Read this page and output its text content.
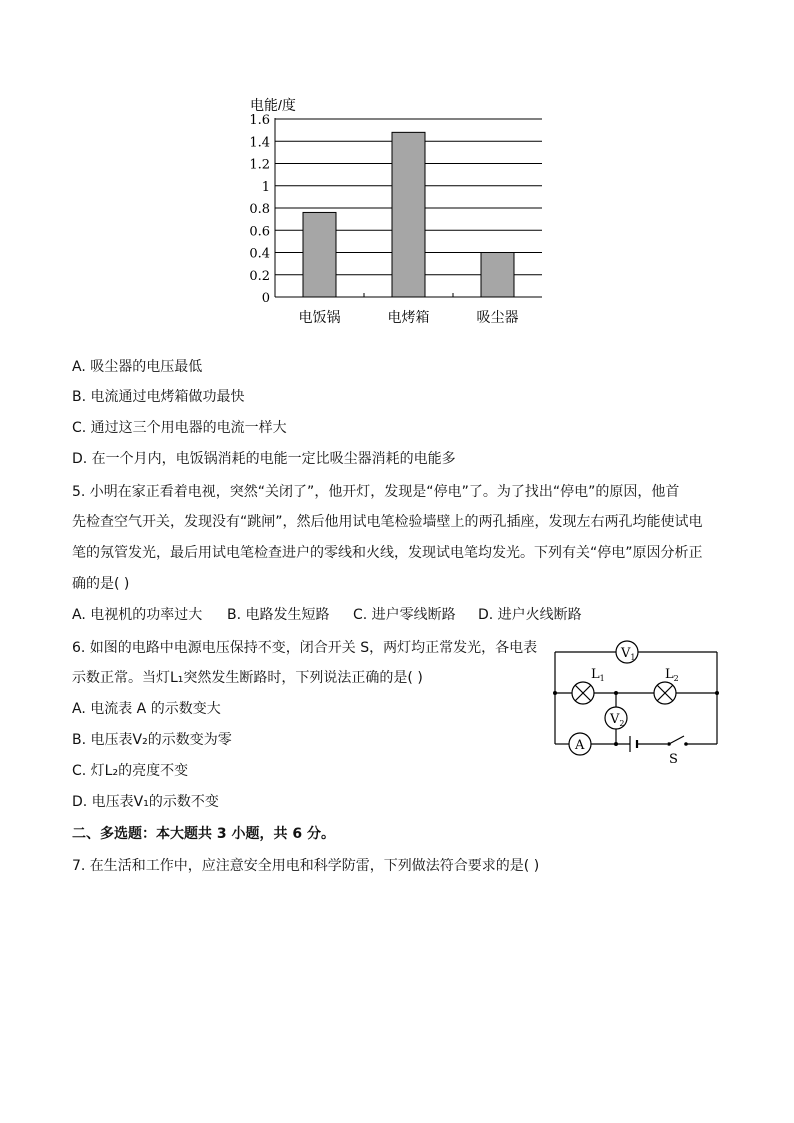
电能/度
0
0.2
0.4
0.6
0.8
1
1.2
1.4
1.6
电饭锅	电烤箱	吸尘器
A. 吸尘器的电压最低
B. 电流通过电烤箱做功最快
C. 通过这三个用电器的电流一样大
D. 在一个月内，电饭锅消耗的电能一定比吸尘器消耗的电能多
5. 小明在家正看着电视，突然“关闭了”，他开灯，发现是“停电”了。为了找出“停电”的原因，他首
先检查空气开关，发现没有“跳闸”，然后他用试电笔检验墙壁上的两孔插座，发现左右两孔均能使试电
笔的氖管发光，最后用试电笔检查进户的零线和火线，发现试电笔均发光。下列有关“停电”原因分析正
确的是( )
A. 电视机的功率过大 B. 电路发生短路 C. 进户零线断路 D. 进户火线断路
6. 如图的电路中电源电压保持不变，闭合开关 S，两灯均正常发光，各电表
示数正常。当灯L₁突然发生断路时，下列说法正确的是( )
A. 电流表 A 的示数变大
B. 电压表V₂的示数变为零
C. 灯L₂的亮度不变
D. 电压表V₁的示数不变
S
$V_1$
$L_1$	$L_2$
$V_2$
A
二、多选题：本大题共 3 小题，共 6 分。
7. 在生活和工作中，应注意安全用电和科学防雷，下列做法符合要求的是( )
